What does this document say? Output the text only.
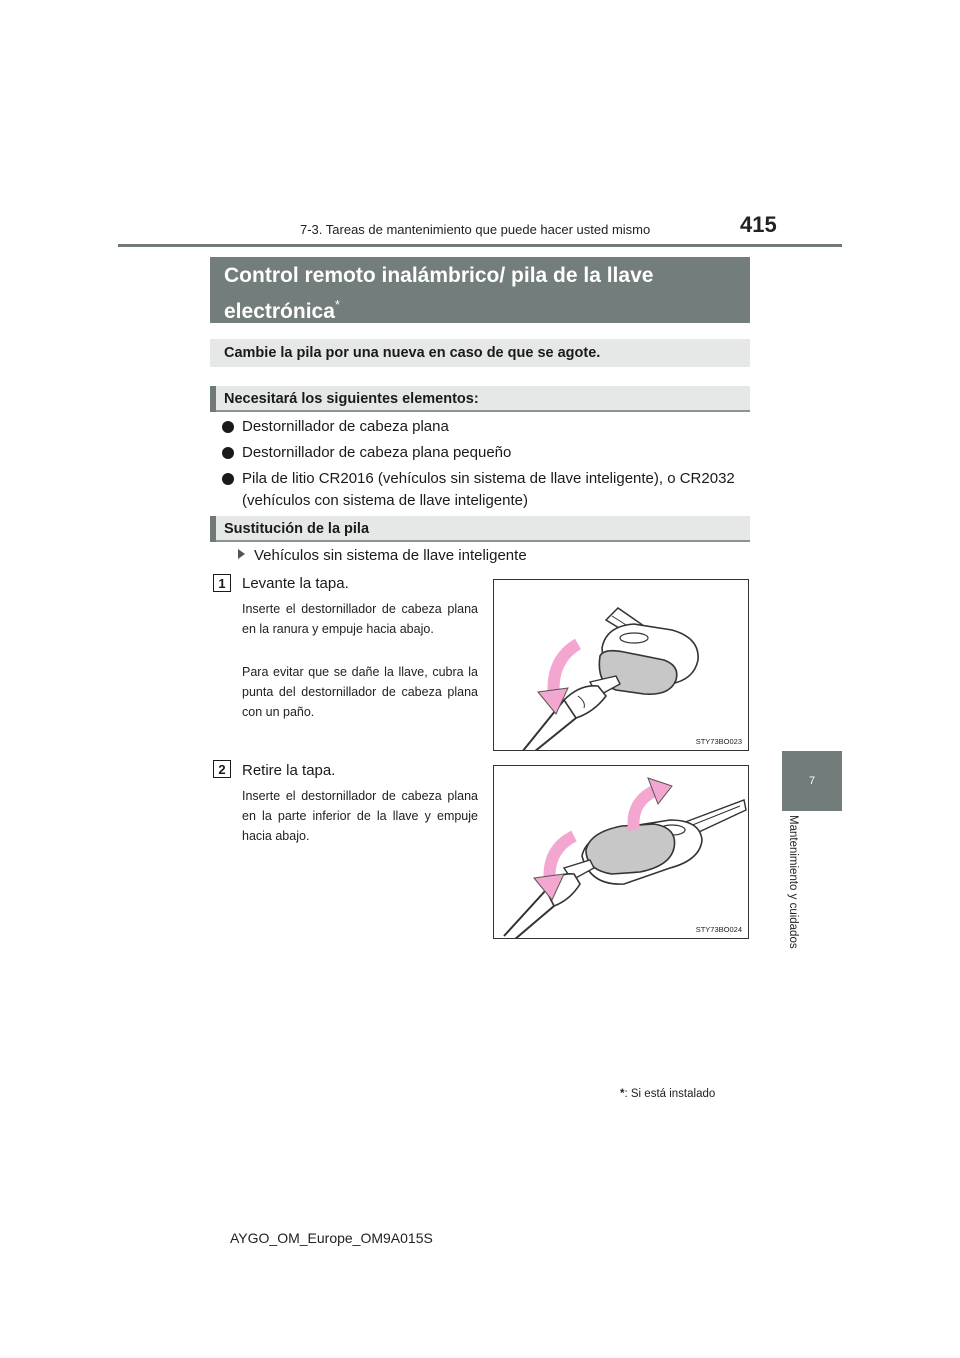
7-3. Tareas de mantenimiento que puede hacer usted mismo	415
7
Mantenimiento y cuidados
Control remoto inalámbrico/ pila de la llave electrónica*
Cambie la pila por una nueva en caso de que se agote.
Necesitará los siguientes elementos:
Destornillador de cabeza plana
Destornillador de cabeza plana pequeño
Pila de litio CR2016 (vehículos sin sistema de llave inteligente), o CR2032 (vehículos con sistema de llave inteligente)
Sustitución de la pila
Vehículos sin sistema de llave inteligente
1	Levante la tapa.

Inserte el destornillador de cabeza plana en la ranura y empuje hacia abajo.

Para evitar que se dañe la llave, cubra la punta del destornillador de cabeza plana con un paño.

STY73BO023
2	Retire la tapa.

Inserte el destornillador de cabeza plana en la parte inferior de la llave y empuje hacia abajo.

STY73BO024
*: Si está instalado
AYGO_OM_Europe_OM9A015S
